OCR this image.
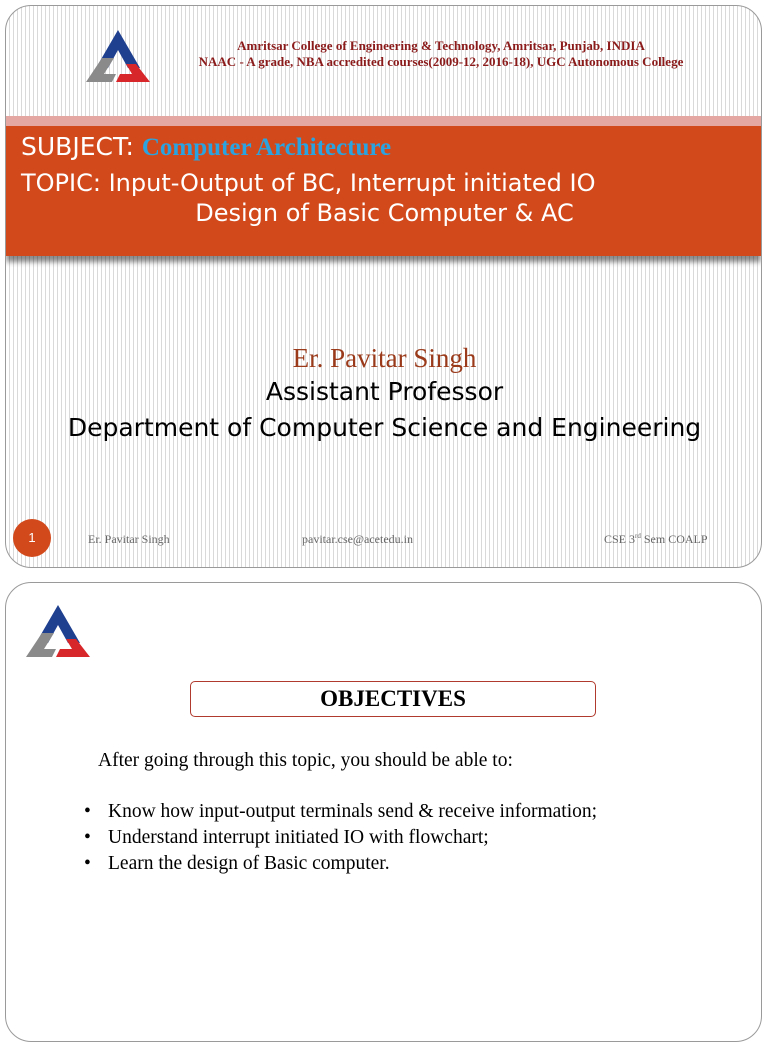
Amritsar College of Engineering & Technology, Amritsar, Punjab, INDIA
NAAC - A grade, NBA accredited courses(2009-12, 2016-18), UGC Autonomous College
SUBJECT: Computer Architecture
TOPIC: Input-Output of BC, Interrupt initiated IO
Design of Basic Computer & AC
Er. Pavitar Singh
Assistant Professor
Department of Computer Science and Engineering
1	Er. Pavitar Singh	pavitar.cse@acetedu.in	CSE 3rd Sem COALP
OBJECTIVES
After going through this topic, you should be able to:
• Know how input-output terminals send & receive information;
• Understand interrupt initiated IO with flowchart;
• Learn the design of Basic computer.
